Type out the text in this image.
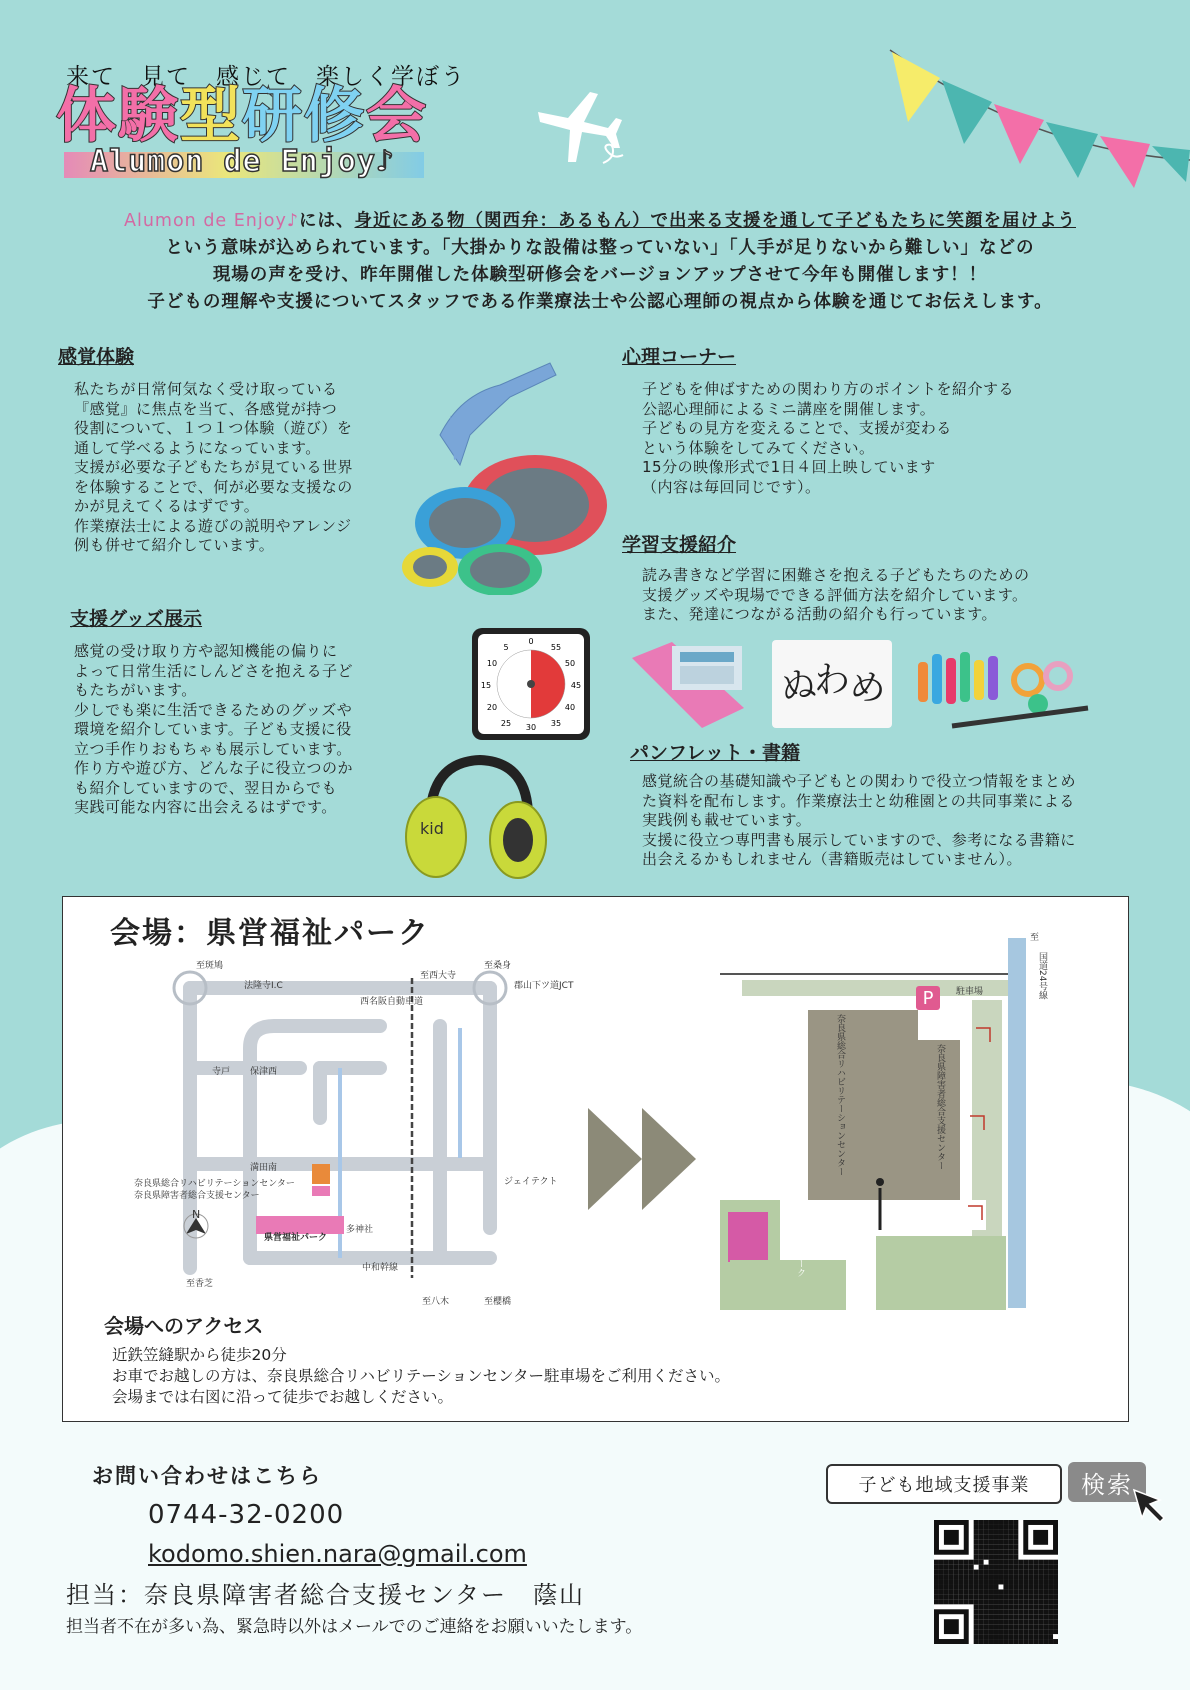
来て　見て　感じて　楽しく学ぼう
体験型研修会
Alumon de Enjoy♪
Alumon de Enjoy♪には、身近にある物（関西弁：あるもん）で出来る支援を通して子どもたちに笑顔を届けよう
という意味が込められています。「大掛かりな設備は整っていない」「人手が足りないから難しい」などの
現場の声を受け、昨年開催した体験型研修会をバージョンアップさせて今年も開催します！！
子どもの理解や支援についてスタッフである作業療法士や公認心理師の視点から体験を通じてお伝えします。
感覚体験
私たちが日常何気なく受け取っている
『感覚』に焦点を当て、各感覚が持つ
役割について、１つ１つ体験（遊び）を
通して学べるようになっています。
支援が必要な子どもたちが見ている世界
を体験することで、何が必要な支援なの
かが見えてくるはずです。
作業療法士による遊びの説明やアレンジ
例も併せて紹介しています。
支援グッズ展示
感覚の受け取り方や認知機能の偏りに
よって日常生活にしんどさを抱える子ど
もたちがいます。
少しでも楽に生活できるためのグッズや
環境を紹介しています。子ども支援に役
立つ手作りおもちゃも展示しています。
作り方や遊び方、どんな子に役立つのか
も紹介していますので、翌日からでも
実践可能な内容に出会えるはずです。
0
55
5
50
10
45
15
40
20
35
25 30
kid
心理コーナー
子どもを伸ばすための関わり方のポイントを紹介する
公認心理師によるミニ講座を開催します。
子どもの見方を変えることで、支援が変わる
という体験をしてみてください。
15分の映像形式で1日４回上映しています
（内容は毎回同じです）。
学習支援紹介
読み書きなど学習に困難さを抱える子どもたちのための
支援グッズや現場でできる評価方法を紹介しています。
また、発達につながる活動の紹介も行っています。
ぬ
わ
め
パンフレット・書籍
感覚統合の基礎知識や子どもとの関わりで役立つ情報をまとめ
た資料を配布します。作業療法士と幼稚園との共同事業による
実践例も載せています。
支援に役立つ専門書も展示していますので、参考になる書籍に
出会えるかもしれません（書籍販売はしていません）。
会場：県営福祉パーク
至斑鳩
至西大寺
至桑身
法隆寺I.C	郡山下ツ道JCT
西名阪自動車道
寺戸 保津西
満田南
ジェイテクト
奈良県総合リハビリテーションセンター
奈良県障害者総合支援センター
県営福祉パーク
多神社
中和幹線
至香芝
至八木	至櫻橋
N
P	駐車場
至
国道24号線
奈良県総合リハビリテーションセンター	奈良県障害者総合支援センター
県営福祉パーク
会場へのアクセス
近鉄笠縫駅から徒歩20分
お車でお越しの方は、奈良県総合リハビリテーションセンター駐車場をご利用ください。
会場までは右図に沿って徒歩でお越しください。
お問い合わせはこちら
0744-32-0200
kodomo.shien.nara@gmail.com
担当：奈良県障害者総合支援センター　蔭山
担当者不在が多い為、緊急時以外はメールでのご連絡をお願いいたします。
子ども地域支援事業	検索
